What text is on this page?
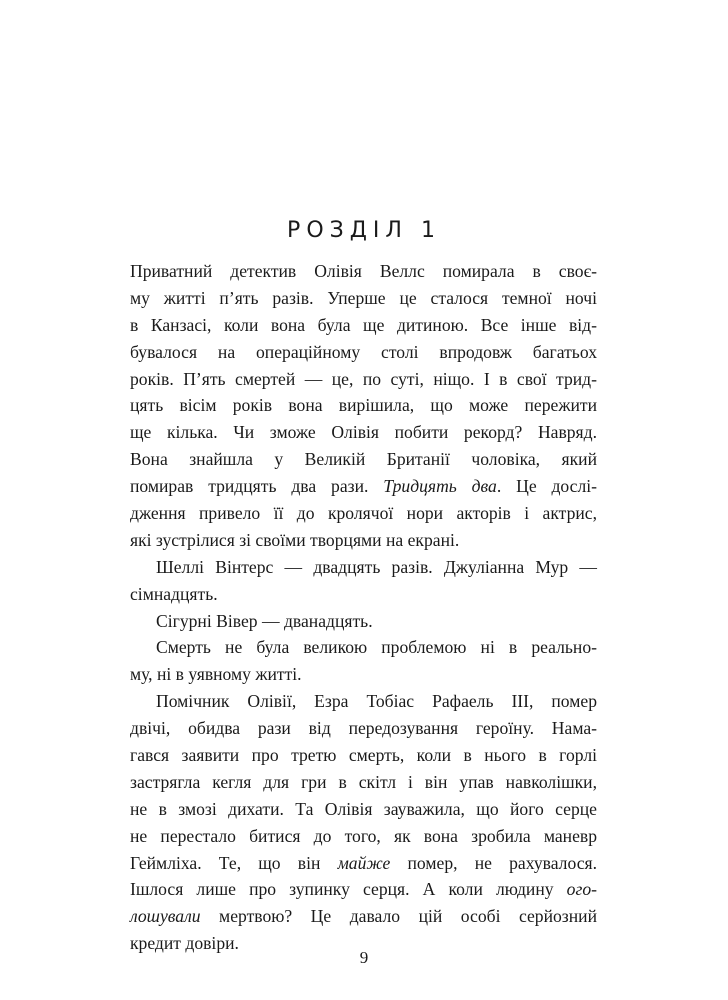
РОЗДІЛ 1
Приватний детектив Олівія Веллс помирала в своє-
му житті п’ять разів. Уперше це сталося темної ночі
в Канзасі, коли вона була ще дитиною. Все інше від-
бувалося на операційному столі впродовж багатьох
років. П’ять смертей — це, по суті, ніщо. І в свої трид-
цять вісім років вона вирішила, що може пережити
ще кілька. Чи зможе Олівія побити рекорд? Навряд.
Вона знайшла у Великій Британії чоловіка, який
помирав тридцять два рази. Тридцять два. Це дослі-
дження привело її до кролячої нори акторів і актрис,
які зустрілися зі своїми творцями на екрані.
Шеллі Вінтерс — двадцять разів. Джуліанна Мур —
сімнадцять.
Сігурні Вівер — дванадцять.
Смерть не була великою проблемою ні в реально-
му, ні в уявному житті.
Помічник Олівії, Езра Тобіас Рафаель ІІІ, помер
двічі, обидва рази від передозування героїну. Нама-
гався заявити про третю смерть, коли в нього в горлі
застрягла кегля для гри в скітл і він упав навколішки,
не в змозі дихати. Та Олівія зауважила, що його серце
не перестало битися до того, як вона зробила маневр
Геймліха. Те, що він майже помер, не рахувалося.
Ішлося лише про зупинку серця. А коли людину ого-
лошували мертвою? Це давало цій особі серйозний
кредит довіри.
9
